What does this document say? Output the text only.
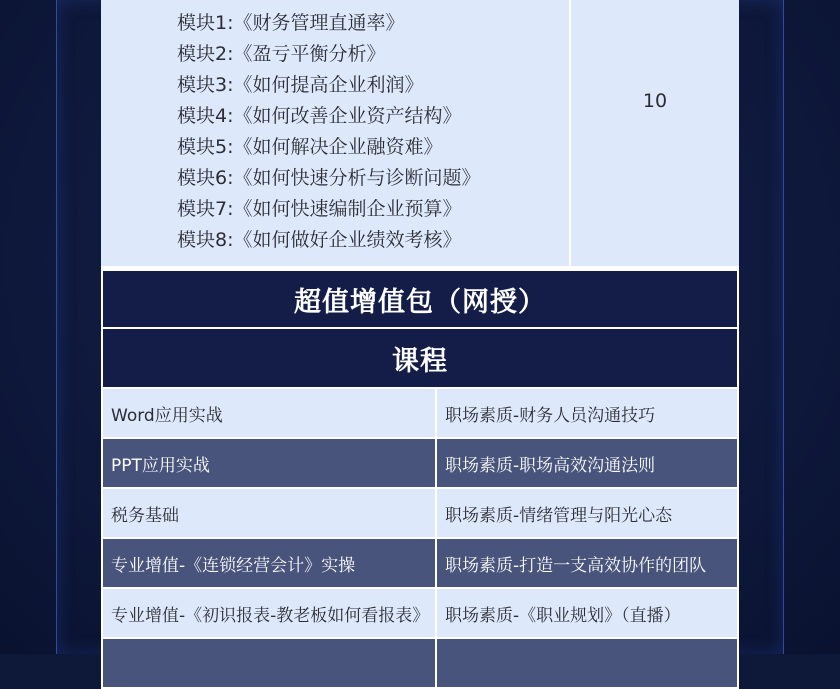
模块1:《财务管理直通率》
模块2:《盈亏平衡分析》
模块3:《如何提高企业利润》
模块4:《如何改善企业资产结构》
模块5:《如何解决企业融资难》
模块6:《如何快速分析与诊断问题》
模块7:《如何快速编制企业预算》
模块8:《如何做好企业绩效考核》
10
超值增值包（网授）
课程
Word应用实战	职场素质-财务人员沟通技巧
PPT应用实战	职场素质-职场高效沟通法则
税务基础	职场素质-情绪管理与阳光心态
专业增值-《连锁经营会计》实操	职场素质-打造一支高效协作的团队
专业增值-《初识报表-教老板如何看报表》 职场素质-《职业规划》（直播）
